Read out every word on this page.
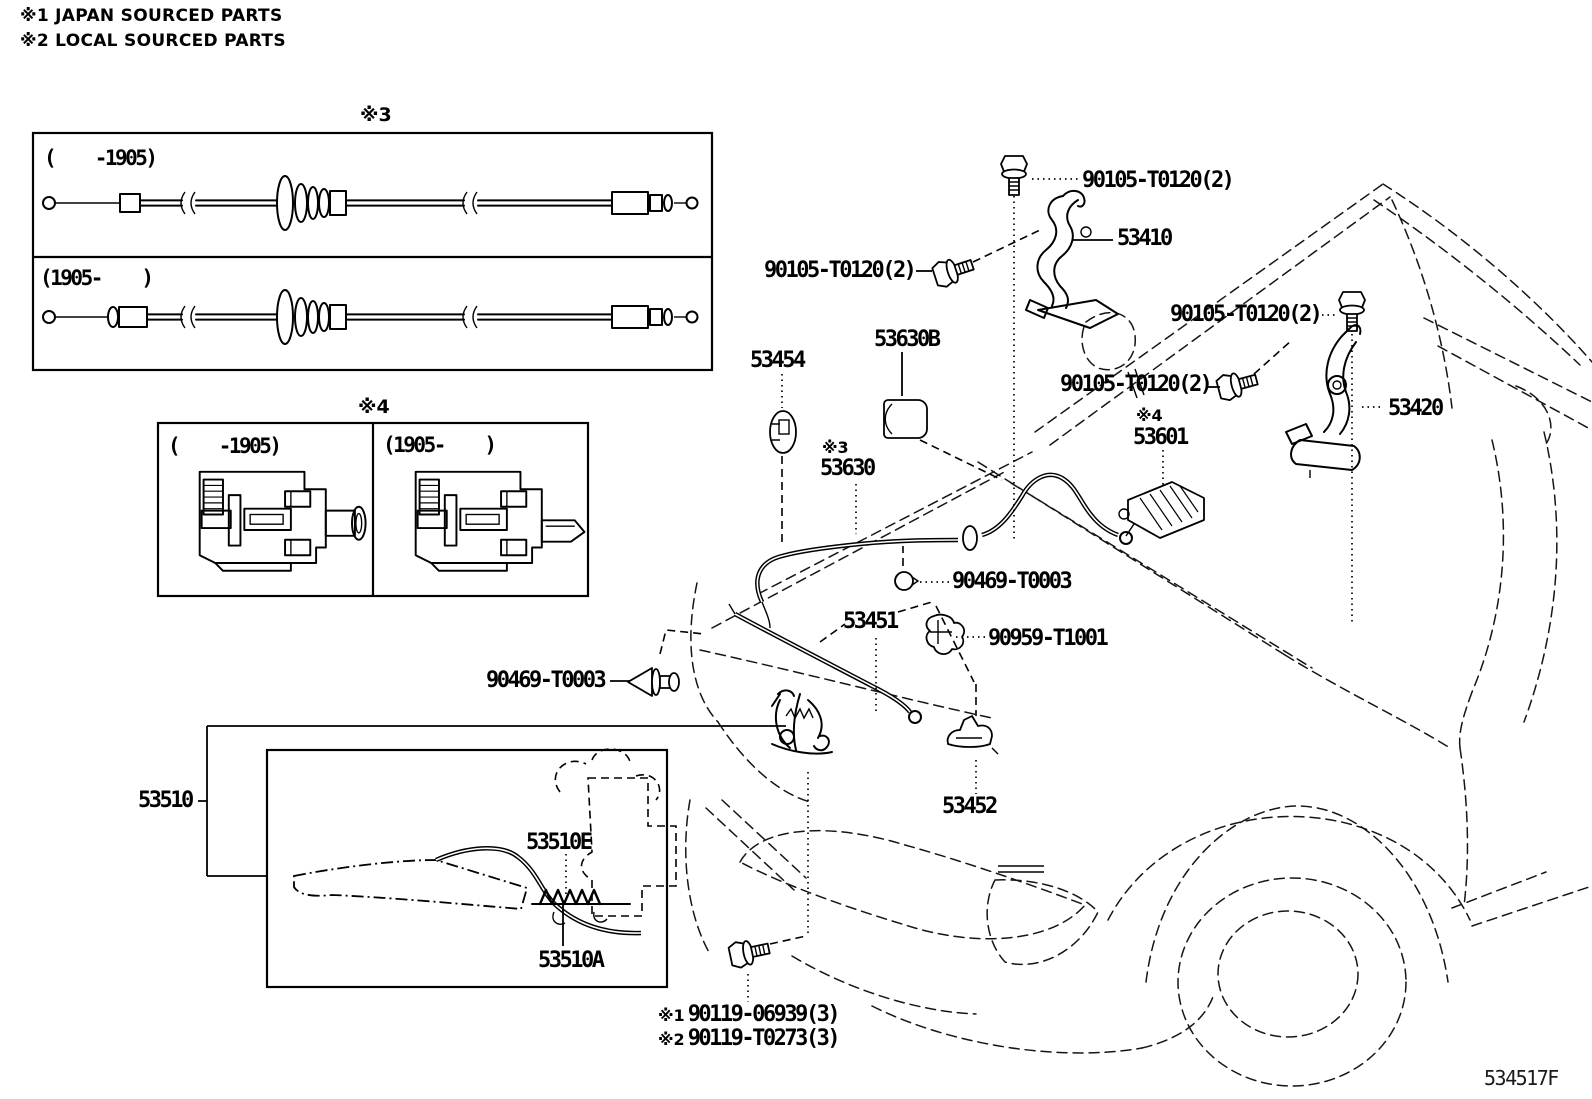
※1 JAPAN SOURCED PARTS
※2 LOCAL SOURCED PARTS
※3
(    -1905)
(1905-    )
※4
(    -1905)	(1905-    )
90105-T0120(2)
53410
90105-T0120(2)
90105-T0120(2)
90105-T0120(2)
53420
53630B
53454
※3
53630
※4
53601
90469-T0003
53451
90959-T1001
90469-T0003
53452
53510
53510E
53510A
※1 90119-06939(3)
※2 90119-T0273(3)
534517F
